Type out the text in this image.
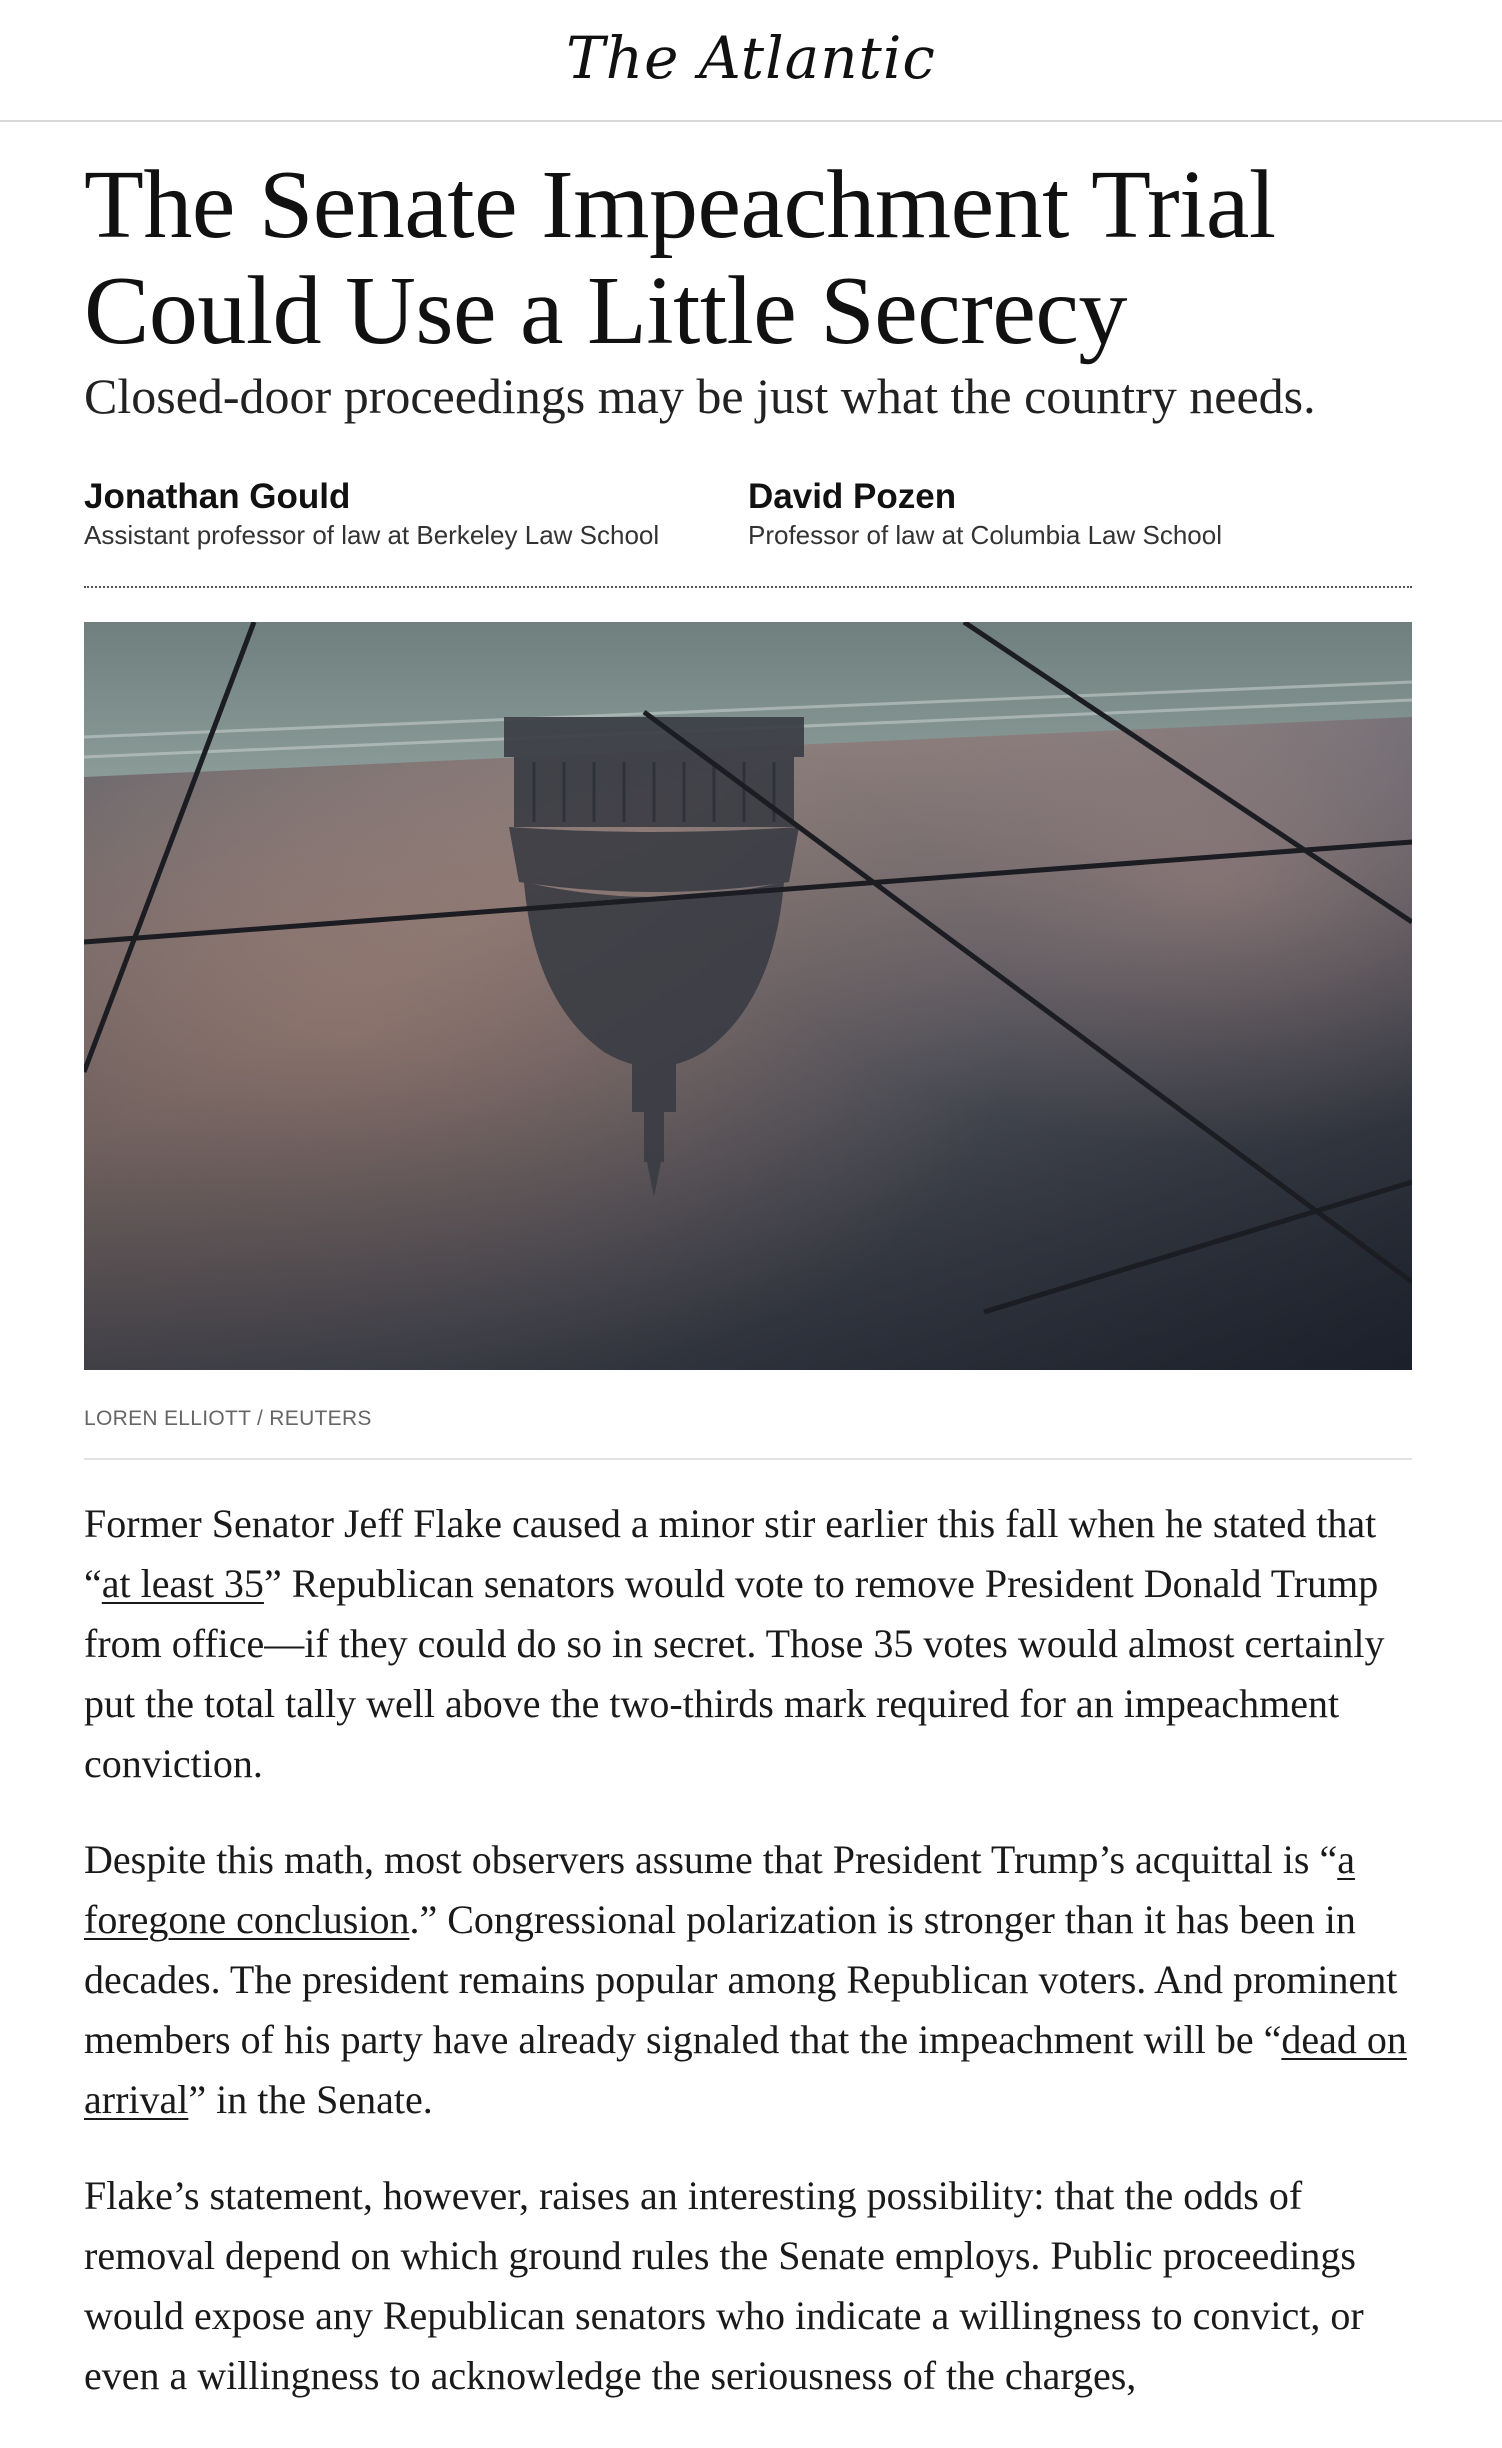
The Atlantic
The Senate Impeachment Trial Could Use a Little Secrecy
Closed-door proceedings may be just what the country needs.
Jonathan Gould
Assistant professor of law at Berkeley Law School
David Pozen
Professor of law at Columbia Law School
LOREN ELLIOTT / REUTERS

Former Senator Jeff Flake caused a minor stir earlier this fall when he stated that “at least 35” Republican senators would vote to remove President Donald Trump from office—if they could do so in secret. Those 35 votes would almost certainly put the total tally well above the two-thirds mark required for an impeachment conviction.

Despite this math, most observers assume that President Trump’s acquittal is “a foregone conclusion.” Congressional polarization is stronger than it has been in decades. The president remains popular among Republican voters. And prominent members of his party have already signaled that the impeachment will be “dead on arrival” in the Senate.

Flake’s statement, however, raises an interesting possibility: that the odds of removal depend on which ground rules the Senate employs. Public proceedings would expose any Republican senators who indicate a willingness to convict, or even a willingness to acknowledge the seriousness of the charges,
